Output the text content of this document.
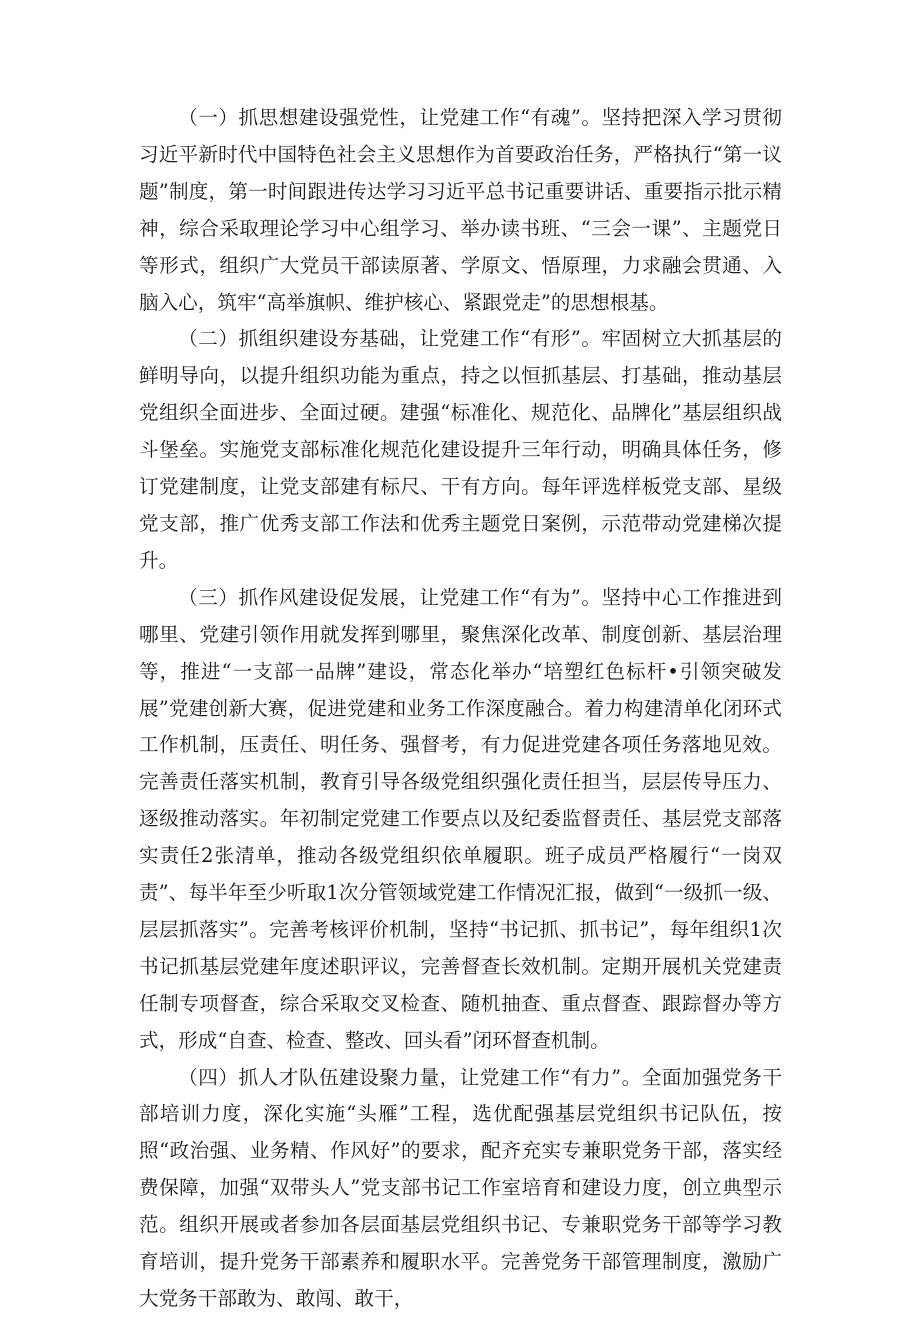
（一）抓思想建设强党性，让党建工作“有魂”。坚持把深入学习贯彻习近平新时代中国特色社会主义思想作为首要政治任务，严格执行“第一议题”制度，第一时间跟进传达学习习近平总书记重要讲话、重要指示批示精神，综合采取理论学习中心组学习、举办读书班、“三会一课”、主题党日等形式，组织广大党员干部读原著、学原文、悟原理，力求融会贯通、入脑入心，筑牢“高举旗帜、维护核心、紧跟党走”的思想根基。

（二）抓组织建设夯基础，让党建工作“有形”。牢固树立大抓基层的鲜明导向，以提升组织功能为重点，持之以恒抓基层、打基础，推动基层党组织全面进步、全面过硬。建强“标准化、规范化、品牌化”基层组织战斗堡垒。实施党支部标准化规范化建设提升三年行动，明确具体任务，修订党建制度，让党支部建有标尺、干有方向。每年评选样板党支部、星级党支部，推广优秀支部工作法和优秀主题党日案例，示范带动党建梯次提升。

（三）抓作风建设促发展，让党建工作“有为”。坚持中心工作推进到哪里、党建引领作用就发挥到哪里，聚焦深化改革、制度创新、基层治理等，推进“一支部一品牌”建设，常态化举办“培塑红色标杆•引领突破发展”党建创新大赛，促进党建和业务工作深度融合。着力构建清单化闭环式工作机制，压责任、明任务、强督考，有力促进党建各项任务落地见效。完善责任落实机制，教育引导各级党组织强化责任担当，层层传导压力、逐级推动落实。年初制定党建工作要点以及纪委监督责任、基层党支部落实责任2张清单，推动各级党组织依单履职。班子成员严格履行“一岗双责”、每半年至少听取1次分管领域党建工作情况汇报，做到“一级抓一级、层层抓落实”。完善考核评价机制，坚持“书记抓、抓书记”，每年组织1次书记抓基层党建年度述职评议，完善督查长效机制。定期开展机关党建责任制专项督查，综合采取交叉检查、随机抽查、重点督查、跟踪督办等方式，形成“自查、检查、整改、回头看”闭环督查机制。

（四）抓人才队伍建设聚力量，让党建工作“有力”。全面加强党务干部培训力度，深化实施“头雁”工程，选优配强基层党组织书记队伍，按照“政治强、业务精、作风好”的要求，配齐充实专兼职党务干部，落实经费保障，加强“双带头人”党支部书记工作室培育和建设力度，创立典型示范。组织开展或者参加各层面基层党组织书记、专兼职党务干部等学习教育培训，提升党务干部素养和履职水平。完善党务干部管理制度，激励广大党务干部敢为、敢闯、敢干，
